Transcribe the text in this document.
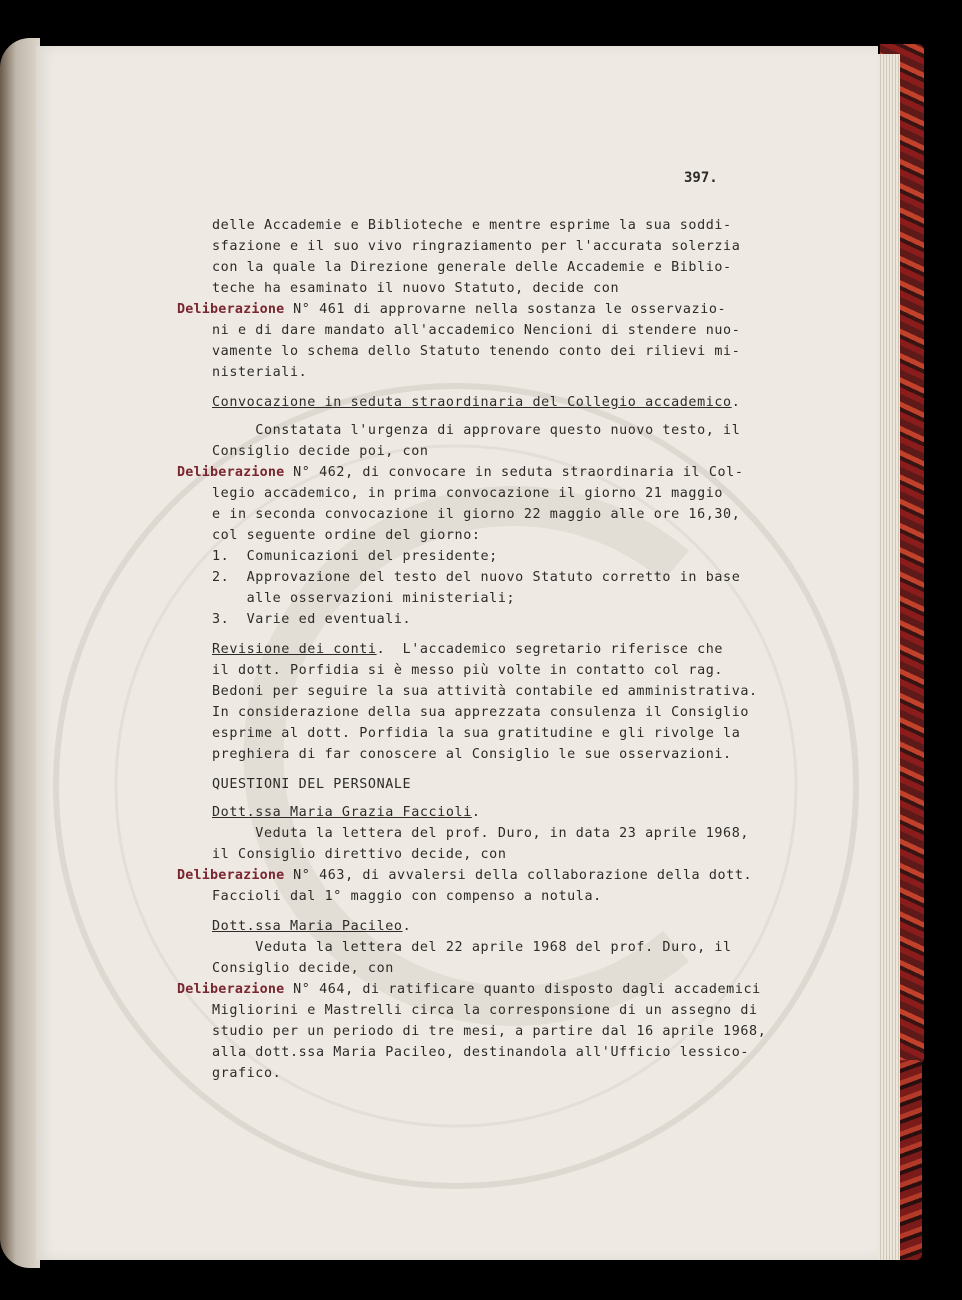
397.
delle Accademie e Biblioteche e mentre esprime la sua soddi-
sfazione e il suo vivo ringraziamento per l'accurata solerzia
con la quale la Direzione generale delle Accademie e Biblio-
teche ha esaminato il nuovo Statuto, decide con
Deliberazione N° 461 di approvarne nella sostanza le osservazio-
ni e di dare mandato all'accademico Nencioni di stendere nuo-
vamente lo schema dello Statuto tenendo conto dei rilievi mi-
nisteriali.
Convocazione in seduta straordinaria del Collegio accademico.
Constatata l'urgenza di approvare questo nuovo testo, il
Consiglio decide poi, con
Deliberazione N° 462, di convocare in seduta straordinaria il Col-
legio accademico, in prima convocazione il giorno 21 maggio
e in seconda convocazione il giorno 22 maggio alle ore 16,30,
col seguente ordine del giorno:
1.  Comunicazioni del presidente;
2.  Approvazione del testo del nuovo Statuto corretto in base
alle osservazioni ministeriali;
3.  Varie ed eventuali.
Revisione dei conti.  L'accademico segretario riferisce che
il dott. Porfidia si è messo più volte in contatto col rag.
Bedoni per seguire la sua attività contabile ed amministrativa.
In considerazione della sua apprezzata consulenza il Consiglio
esprime al dott. Porfidia la sua gratitudine e gli rivolge la
preghiera di far conoscere al Consiglio le sue osservazioni.
QUESTIONI DEL PERSONALE
Dott.ssa Maria Grazia Faccioli.
Veduta la lettera del prof. Duro, in data 23 aprile 1968,
il Consiglio direttivo decide, con
Deliberazione N° 463, di avvalersi della collaborazione della dott.
Faccioli dal 1° maggio con compenso a notula.
Dott.ssa Maria Pacileo.
Veduta la lettera del 22 aprile 1968 del prof. Duro, il
Consiglio decide, con
Deliberazione N° 464, di ratificare quanto disposto dagli accademici
Migliorini e Mastrelli circa la corresponsione di un assegno di
studio per un periodo di tre mesi, a partire dal 16 aprile 1968,
alla dott.ssa Maria Pacileo, destinandola all'Ufficio lessico-
grafico.
